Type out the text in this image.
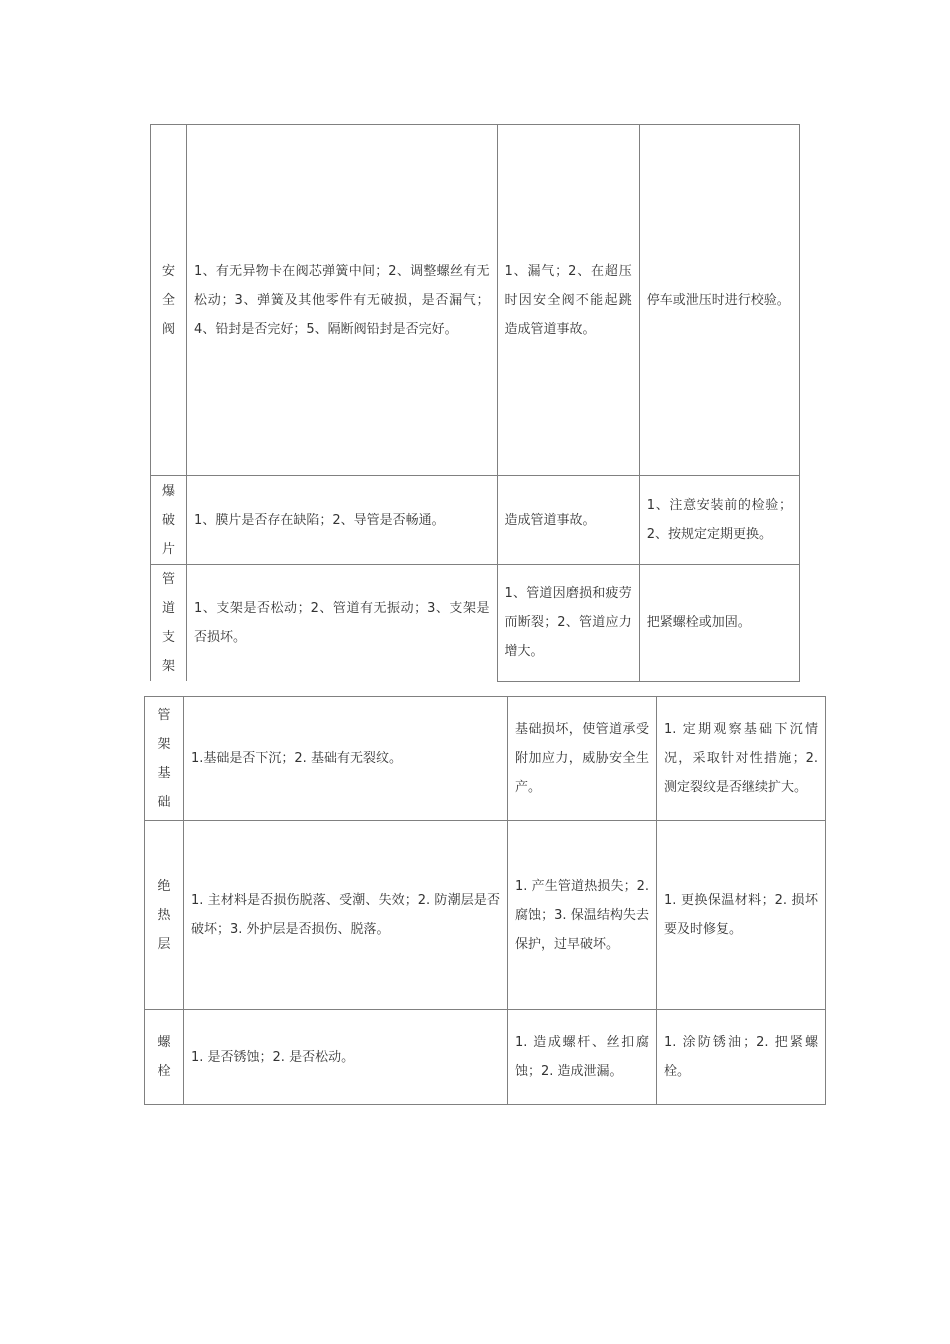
安全阀	1、有无异物卡在阀芯弹簧中间；2、调整螺丝有无松动；3、弹簧及其他零件有无破损，是否漏气；4、铅封是否完好；5、隔断阀铅封是否完好。	1、漏气；2、在超压时因安全阀不能起跳造成管道事故。	停车或泄压时进行校验。
爆破片	1、膜片是否存在缺陷；2、导管是否畅通。	造成管道事故。	1、注意安装前的检验；2、按规定定期更换。
管道支架	1、支架是否松动；2、管道有无振动；3、支架是否损坏。	1、管道因磨损和疲劳而断裂；2、管道应力增大。	把紧螺栓或加固。
管架基础	1.基础是否下沉；2. 基础有无裂纹。	基础损坏，使管道承受附加应力，威胁安全生产。	1. 定期观察基础下沉情况，采取针对性措施；2. 测定裂纹是否继续扩大。
绝热层	1. 主材料是否损伤脱落、受潮、失效；2. 防潮层是否破坏；3. 外护层是否损伤、脱落。	1. 产生管道热损失；2. 腐蚀；3. 保温结构失去保护，过早破坏。	1. 更换保温材料；2. 损坏要及时修复。
螺栓	1. 是否锈蚀；2. 是否松动。	1. 造成螺杆、丝扣腐蚀；2. 造成泄漏。	1. 涂防锈油；2. 把紧螺栓。
